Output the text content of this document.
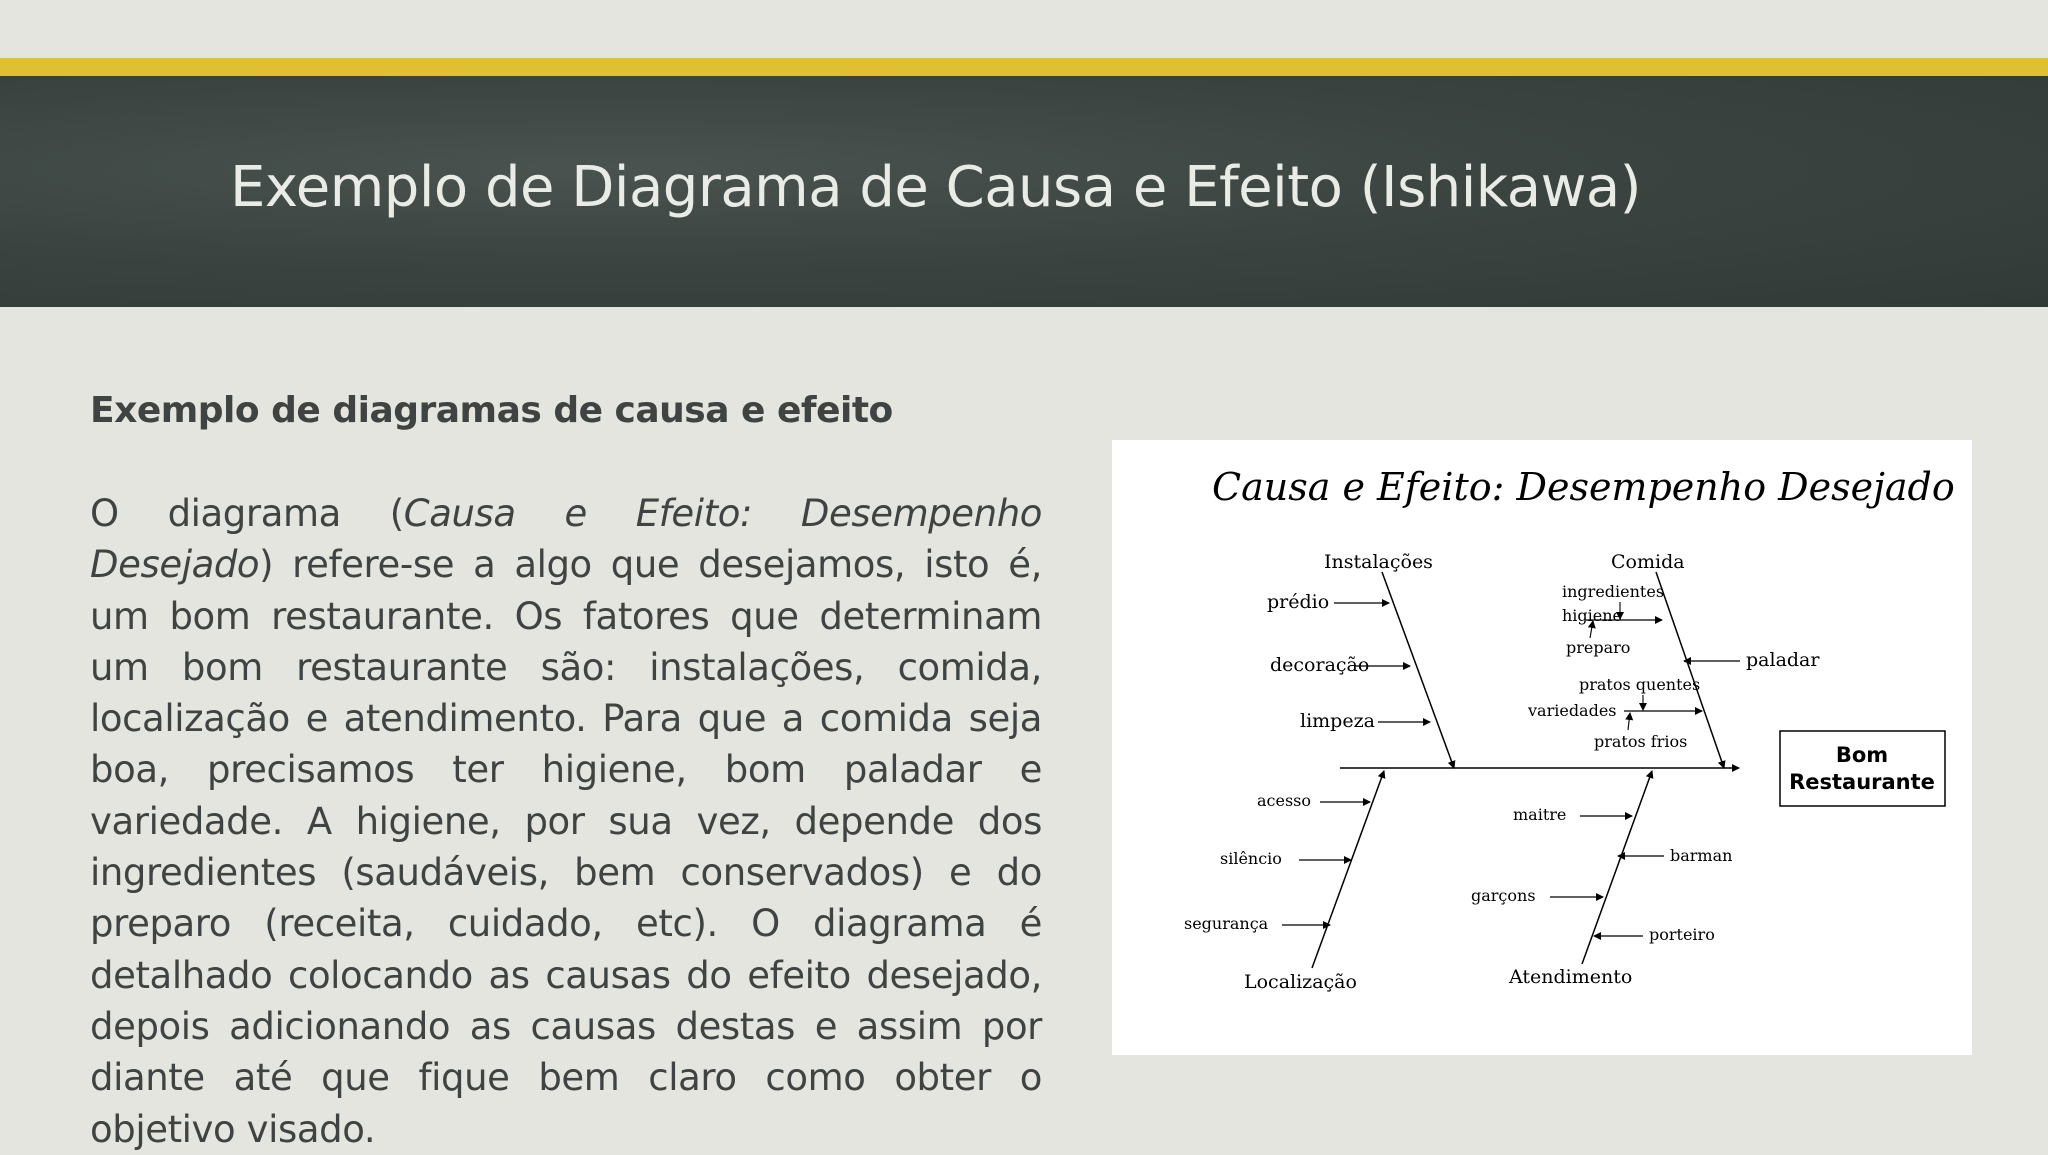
Exemplo de Diagrama de Causa e Efeito (Ishikawa)
Exemplo de diagramas de causa e efeito

O diagrama (Causa e Efeito: Desempenho Desejado) refere-se a algo que desejamos, isto é, um bom restaurante. Os fatores que determinam um bom restaurante são: instalações, comida, localização e atendimento. Para que a comida seja boa, precisamos ter higiene, bom paladar e variedade. A higiene, por sua vez, depende dos ingredientes (saudáveis, bem conservados) e do preparo (receita, cuidado, etc). O diagrama é detalhado colocando as causas do efeito desejado, depois adicionando as causas destas e assim por diante até que fique bem claro como obter o objetivo visado.

Causa e Efeito: Desempenho Desejado
Bom
Restaurante
Instalações	Comida
Localização	Atendimento
prédio
decoração
limpeza
higiene
ingredientes
preparo
paladar
pratos quentes
variedades
pratos frios
acesso
silêncio
segurança
maitre
barman
garçons
porteiro
